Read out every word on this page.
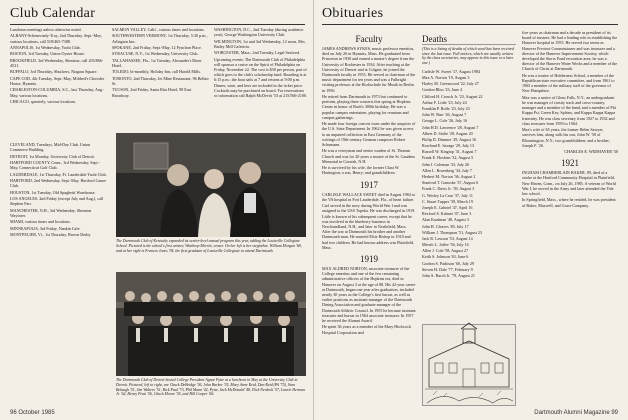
Club Calendar

Luncheon meetings unless otherwise noted.

ALBANY-Schenectady-Troy, 2nd Thursday, Sept.-May, various locations, call 518/465-7388.

ANNAPOLIS, 1st Wednesday, Yacht Club.

BOSTON, 3rd Tuesday, Union Oyster House.

BROOKFIELD, 3rd Wednesday, Sheraton, call 203/866-4521.

BUFFALO, 3rd Thursday, Shuckers, Niagara Square.

CAPE COD, 4th Tuesday, Sept.-May, Mildred's Chowder House, Hyannis.

CHARLESTON-COLUMBIA, S.C., last Thursday, Aug.-May, various locations.

CHICAGO, quarterly, various locations.

SALMON VALLEY, Calif., various times and locations.

SOUTHWESTERN VERMONT, 1st Thursday, 5:30 p.m., Arlington Inn.

SPOKANE, 2nd Friday, Sept.-May, 12 Pynchon Place.

SYRACUSE, N.Y., 1st Wednesday, University Club.

TALLAHASSEE, Fla., 1st Tuesday, Alexander's Diner Hotel.

TOLEDO, bi-monthly, Holiday Inn, call Harold Mills.

TORONTO, 2nd Thursday, Jet Mine Restaurant, 96 Bellair St.

TUCSON, 2nd Friday, Santa Rita Hotel, 98 East Broadway.

WASHINGTON, D.C., 2nd Tuesday (during academic year), George Washington University Club.

WILMINGTON, 1st and 3rd Wednesday, 12 noon, Mrs. Bailey Mill Cafeteria.

WORCESTER, Mass., 2nd Tuesday, Legal Seafood.

Upcoming events: The Dartmouth Club of Philadelphia will sponsor a cruise on the Spirit of Philadelphia on Friday, November 22. The cost is $30 per person, part of which goes to the club's scholarship fund. Boarding is at 6:15 p.m.; the boat sails at 7 and returns at 9:00 p.m. Dinner, wine, and beer are included in the ticket price. Cocktails may be purchased on board. For reservations or information call Ralph McDevitt '53 at 215/566-2100.

CLEVELAND, Tuesdays, Mid-Day Club, Union Commerce Building.

DETROIT, 1st Monday, University Club of Detroit.

HARTFORD COUNTY, Conn., 3rd Wednesday, Sept.-May, Connecticut Golf Club.

LAUDERDALE, 1st Thursday, Ft. Lauderdale Yacht Club.

HARTFORD, 2nd Wednesday, Sept.-May, Hartford Canoe Club.

HOUSTON, 1st Tuesday, Old Spaghetti Warehouse.

LOS ANGELES, 2nd Friday (except July and Aug.), call Stephen Farr.

MANCHESTER, N.H., 3rd Wednesday, Sheraton Wayfarer.

MIAMI, various times and locations.

MINNEAPOLIS, 3rd Friday, Nankin Cafe.

MONTPELIER, Vt., 1st Thursday, Brown Derby.

The Dartmouth Club of Kentucky expanded its senior-level annual program this year, adding the Louisville Collegiate School. Pictured is the school's first winner, Winthrop Merritt, center. On her left is her stepfather, William Morgan '68, and at her right is Frances Jones '94, the first graduate of Louisville Collegiate to attend Dartmouth.
The Dartmouth Club of Detroit hosted College President Agnar Pytte at a luncheon in May at the University Club in Detroit. Pictured, left to right, are Chuck DeBridge '36, John Barker '35, Mary Anne Reid, Dan Reid (PA '75), Stan Belaugh '51, Jim Walters '51, Rick Paul '73, Phil Mann '42, Pytte, Jack McDonald '48, Dick Newbolt '57, Laurie Herman Jr. '62, Henry Pratt '56, Chuck Moore '55, and Bill Cooper '66.
96 October 1985
Obituaries
Faculty

JAMES ANDREWS SYKES, music professor emeritus, died on July 26 in Hyannis, Mass. He graduated from Princeton in 1930 and earned a master's degree from the University of Rochester in 1934. After teaching at the University of Denver and at Colgate, he joined the Dartmouth faculty in 1953. He served as chairman of the music department for ten years and was a Fulbright visiting professor at the Hochschule fur Musik in Berlin in 1956.

He retired from Dartmouth in 1973 but continued to perform, playing three concerts this spring at Hopkins Center in honor of Bach's 300th birthday. He was a popular campus entertainer, playing for reunions and campus gatherings.

He made four foreign concert tours under the auspices of the U.S. State Department. In 1962 he was given access to an unpaired collection in East Germany of the writings of 19th-century German composer Robert Schumann.

He was a vestryman and senior warden of St. Thomas Church and was for 20 years a trustee of the St. Gaudens Memorial in Cornish, N.H.

He is survived by his wife, the former Clara W. Hartington; a son, Henry; and grandchildren.

1917

CARLISLE WALLACE SWEET died in August 1984 at the VA hospital in Fort Lauderdale, Fla., of heart failure.

Carl served in the navy during World War I and was assigned to the USS Topeka. He was discharged in 1919. Little is known of his subsequent career, except that he was involved in the blueberry business in Newfoundland, N.H., and later in Northfield, Mass. After the war at Dartmouth his brother and another Dartmouth man. He married Elsie Bishop in 1918 and had two children. He had known address was Plainfield, Mass.

1919

MAX ALDRED NORTON, associate treasurer of the College emeritus and one of the few remaining administrative officers of the Hopkins era, died in Hanover on August 3 at the age of 88. His 42-year career at Dartmouth, began one year after graduation, included nearly 30 years as the College's first bursar, as well as earlier positions as assistant manager of the Dartmouth Dining Association and graduate manager of the Dartmouth Athletic Council. In 1955 he became assistant treasurer and bursar in 1964 associate treasurer. In 1957 he received the Alumni Award.

He spent 36 years as a member of the Mary Hitchcock Hospital Corporation and

Deaths
(This is a listing of deaths of which word has been received since the last issue. Full notices, which are usually written by the class secretaries, may appear in this issue or a later one.)

Carlisle W. Sweet '17, August 1984

Max A. Norton '19, August 3

Harley M. Greenwood '22, July 27

Gordon Bliss '23, June 4

Clifford H. Crouch Jr. '23, August 22

Arthur F. Little '23, July 24

Franklin P. Rolfe '23, July 23

John W. Burr '26, August 7

George L. Cole '26, July 16

John H.D. Lawrence '28, August 7

Albert D. Stolte '28, August 20

Philip D. Dimmer '29, August 16

Rowland E. Savage '29, July 13

Russell W. Kingtop '31, August 7

Frank E. Hoskins '32, August 5

John J. Coleman '33, July 26

Allen L. Rosenberg '34, July 7

Herbert M. Norton '36, August 2

Stanford T. Ganoske '37, August 6

Frank C. Davis Jr. '39, August 3

G. Wesley La Crue '37, July 11

C. Stuart Tupper '39, March 19

Joseph E. Gabriel '47, April 16

Rexford S. Kalmet '47, June 3

Alan Kaufman '48, August 3

John H. Cleaves '49, July 17

William J. Thompson '51, August 23

Jack R. Lawson '53, August 14

Merritt L. Jaffee '56, July 16

Allen J. Cole '58, August 27

Keith S. Johnson '63, June 6

Gordon S. Parkison '60, July 29

Steven H. Dale '77, February 9

John A. Burch Jr. '79, August 21

five years as chairman and a decade as president of its board of trustees. He had a leading role in establishing the Hanover hospital in 1955. He served two terms as Hanover Precinct Commissioner and was treasurer and a director of the Hanover Improvement Society, which developed the Storrs Pond recreation area; he was a director of the Hanover Water Works and a member of the Church of Christ at Dartmouth.

He was a trustee of Holderness School, a member of the Republican state executive committee, and from 1961 to 1965 a member of the military staff of the governor of New Hampshire.

Max was a native of Glens Falls, N.Y., an undergraduate he was manager of varsity track and cross-country, manager and a member of the band, and a member of Phi Kappa Psi, Green Key, Sphinx, and Kappa Kappa Kappa fraternity. He was class secretary from 1927 to 1932 and class treasurer from 1959 to 1964.

Max's wife of 65 years, the former Helen Sawyer, survives him, along with his son, John W. '50 of Bloomington, N.Y.; two grandchildren; and a brother, Joseph F. '26.

CHARLES E. WIDMAYER '30
1921

INGHAM CHAMBERLAIN BAKER, 89, died of a stroke at the Hartford Community Hospital in Plainfield, New Haven, Conn., on July 26, 1985. A veteran of World War I, he served in the Army and later attended the Yale law school.

In Springfield, Mass., where he resided, he was president of Baker, Maxwell, and Grace Company.

Dartmouth Alumni Magazine 99
